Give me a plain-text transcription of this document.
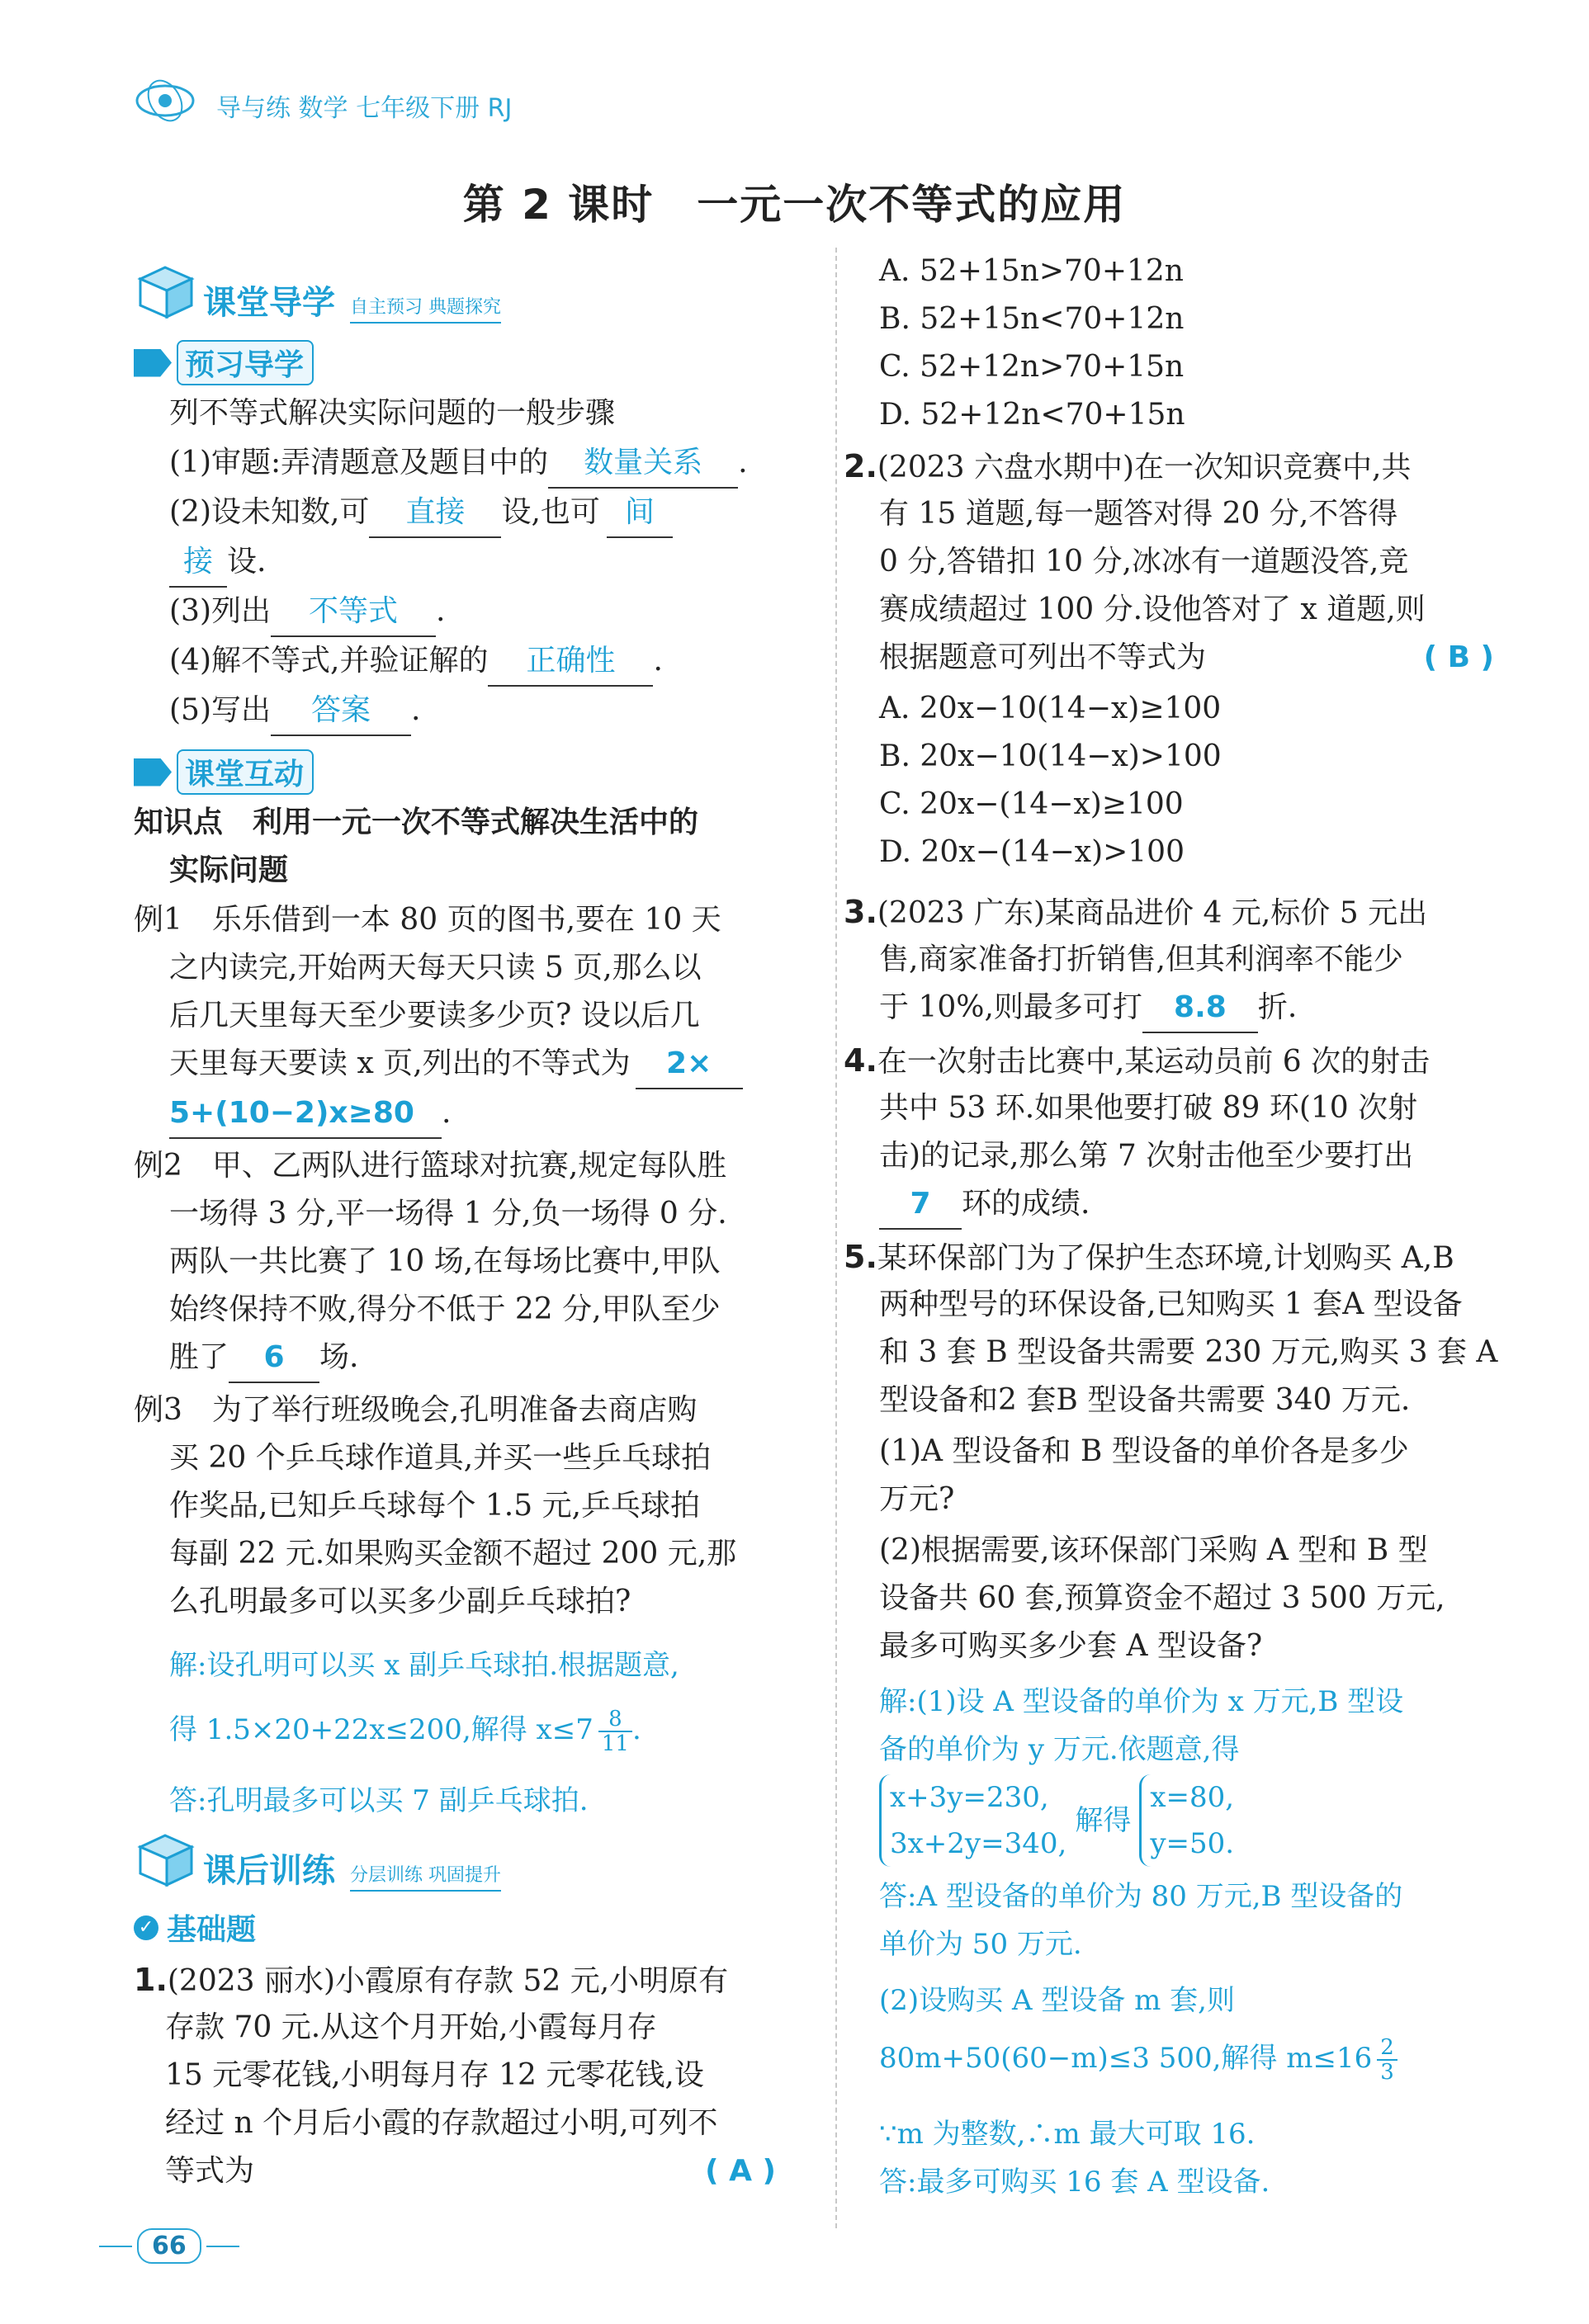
导与练 数学 七年级下册 RJ
第 2 课时　一元一次不等式的应用
课堂导学 自主预习 典题探究
预习导学
列不等式解决实际问题的一般步骤
(1)审题:弄清题意及题目中的 数量关系 .
(2)设未知数,可 直接 设,也可 间
接 设.
(3)列出 不等式 .
(4)解不等式,并验证解的 正确性 .
(5)写出 答案 .
课堂互动
知识点　利用一元一次不等式解决生活中的
实际问题
例1　乐乐借到一本 80 页的图书,要在 10 天
之内读完,开始两天每天只读 5 页,那么以
后几天里每天至少要读多少页? 设以后几
天里每天要读 x 页,列出的不等式为 2×
5+(10−2)x≥80 .
例2　甲、乙两队进行篮球对抗赛,规定每队胜
一场得 3 分,平一场得 1 分,负一场得 0 分.
两队一共比赛了 10 场,在每场比赛中,甲队
始终保持不败,得分不低于 22 分,甲队至少
胜了 6 场.
例3　为了举行班级晚会,孔明准备去商店购
买 20 个乒乓球作道具,并买一些乒乓球拍
作奖品,已知乒乓球每个 1.5 元,乒乓球拍
每副 22 元.如果购买金额不超过 200 元,那
么孔明最多可以买多少副乒乓球拍?
解:设孔明可以买 x 副乒乓球拍.根据题意,
得 1.5×20+22x≤200,解得 $x\le 7 \frac{8}{11}$ .
答:孔明最多可以买 7 副乒乓球拍.
课后训练 分层训练 巩固提升
✓ 基础题
1.(2023 丽水)小霞原有存款 52 元,小明原有
存款 70 元.从这个月开始,小霞每月存
15 元零花钱,小明每月存 12 元零花钱,设
经过 n 个月后小霞的存款超过小明,可列不
等式为	( A )
A. 52+15n>70+12n
B. 52+15n<70+12n
C. 52+12n>70+15n
D. 52+12n<70+15n
2.(2023 六盘水期中)在一次知识竞赛中,共
有 15 道题,每一题答对得 20 分,不答得
0 分,答错扣 10 分,冰冰有一道题没答,竞
赛成绩超过 100 分.设他答对了 x 道题,则
根据题意可列出不等式为	( B )
A. 20x−10(14−x)≥100
B. 20x−10(14−x)>100
C. 20x−(14−x)≥100
D. 20x−(14−x)>100
3.(2023 广东)某商品进价 4 元,标价 5 元出
售,商家准备打折销售,但其利润率不能少
于 10%,则最多可打 8.8 折.
4.在一次射击比赛中,某运动员前 6 次的射击
共中 53 环.如果他要打破 89 环(10 次射
击)的记录,那么第 7 次射击他至少要打出
7 环的成绩.
5.某环保部门为了保护生态环境,计划购买 A,B
两种型号的环保设备,已知购买 1 套A 型设备
和 3 套 B 型设备共需要 230 万元,购买 3 套 A
型设备和2 套B 型设备共需要 340 万元.
(1)A 型设备和 B 型设备的单价各是多少
万元?
(2)根据需要,该环保部门采购 A 型和 B 型
设备共 60 套,预算资金不超过 3 500 万元,
最多可购买多少套 A 型设备?
解:(1)设 A 型设备的单价为 x 万元,B 型设
备的单价为 y 万元.依题意,得
x+3y=230,
3x+2y=340,
解得
x=80,
y=50.
答:A 型设备的单价为 80 万元,B 型设备的
单价为 50 万元.
(2)设购买 A 型设备 m 套,则
80m+50(60−m)≤3 500,解得 $m\le 16 \frac{2}{3}$
∵m 为整数,∴m 最大可取 16.
答:最多可购买 16 套 A 型设备.
66
